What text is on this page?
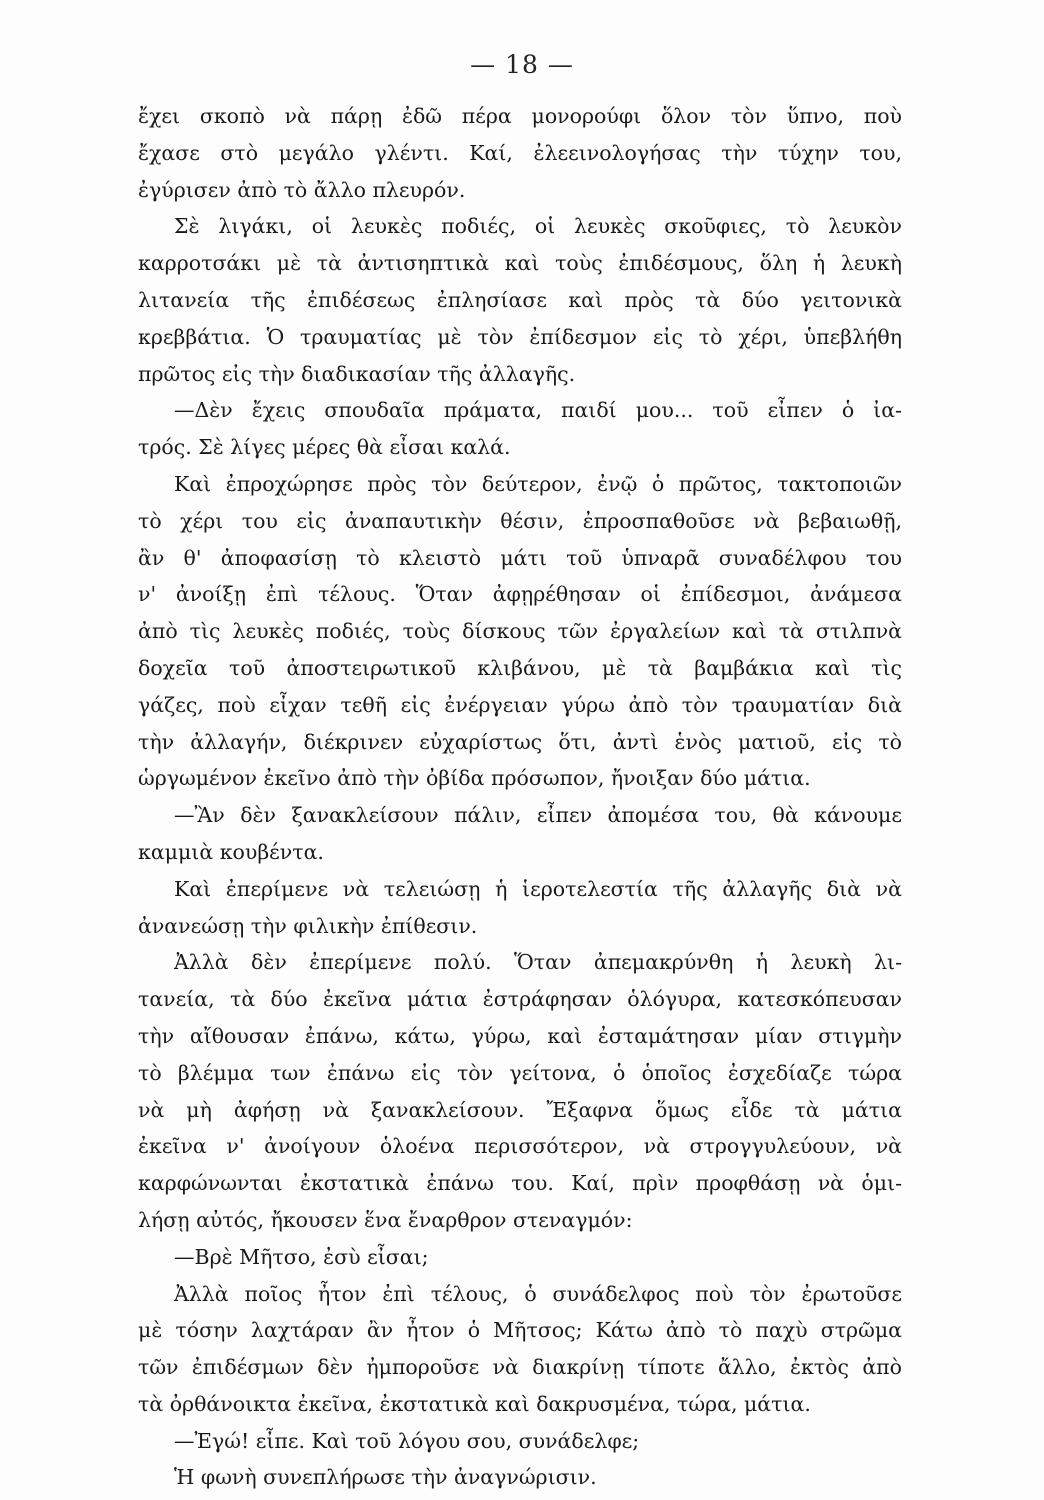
— 18 —
ἔχει σκοπὸ νὰ πάρῃ ἐδῶ πέρα μονορούφι ὅλον τὸν ὕπνο, ποὺ
ἔχασε στὸ μεγάλο γλέντι. Καί, ἐλεεινολογήσας τὴν τύχην του,
ἐγύρισεν ἀπὸ τὸ ἄλλο πλευρόν.
Σὲ λιγάκι, οἱ λευκὲς ποδιές, οἱ λευκὲς σκοῦφιες, τὸ λευκὸν
καρροτσάκι μὲ τὰ ἀντισηπτικὰ καὶ τοὺς ἐπιδέσμους, ὅλη ἡ λευκὴ
λιτανεία τῆς ἐπιδέσεως ἐπλησίασε καὶ πρὸς τὰ δύο γειτονικὰ
κρεββάτια. Ὁ τραυματίας μὲ τὸν ἐπίδεσμον εἰς τὸ χέρι, ὑπεβλήθη
πρῶτος εἰς τὴν διαδικασίαν τῆς ἀλλαγῆς.
—Δὲν ἔχεις σπουδαῖα πράματα, παιδί μου... τοῦ εἶπεν ὁ ἰα-
τρός. Σὲ λίγες μέρες θὰ εἶσαι καλά.
Καὶ ἐπροχώρησε πρὸς τὸν δεύτερον, ἐνῷ ὁ πρῶτος, τακτοποιῶν
τὸ χέρι του εἰς ἀναπαυτικὴν θέσιν, ἐπροσπαθοῦσε νὰ βεβαιωθῇ,
ἂν θ' ἀποφασίσῃ τὸ κλειστὸ μάτι τοῦ ὑπναρᾶ συναδέλφου του
ν' ἀνοίξῃ ἐπὶ τέλους. Ὅταν ἀφῃρέθησαν οἱ ἐπίδεσμοι, ἀνάμεσα
ἀπὸ τὶς λευκὲς ποδιές, τοὺς δίσκους τῶν ἐργαλείων καὶ τὰ στιλπνὰ
δοχεῖα τοῦ ἀποστειρωτικοῦ κλιβάνου, μὲ τὰ βαμβάκια καὶ τὶς
γάζες, ποὺ εἶχαν τεθῆ εἰς ἐνέργειαν γύρω ἀπὸ τὸν τραυματίαν διὰ
τὴν ἀλλαγήν, διέκρινεν εὐχαρίστως ὅτι, ἀντὶ ἑνὸς ματιοῦ, εἰς τὸ
ὡργωμένον ἐκεῖνο ἀπὸ τὴν ὀβίδα πρόσωπον, ἤνοιξαν δύο μάτια.
—Ἂν δὲν ξανακλείσουν πάλιν, εἶπεν ἀπομέσα του, θὰ κάνουμε
καμμιὰ κουβέντα.
Καὶ ἐπερίμενε νὰ τελειώσῃ ἡ ἱεροτελεστία τῆς ἀλλαγῆς διὰ νὰ
ἀνανεώσῃ τὴν φιλικὴν ἐπίθεσιν.
Ἀλλὰ δὲν ἐπερίμενε πολύ. Ὅταν ἀπεμακρύνθη ἡ λευκὴ λι-
τανεία, τὰ δύο ἐκεῖνα μάτια ἐστράφησαν ὁλόγυρα, κατεσκόπευσαν
τὴν αἴθουσαν ἐπάνω, κάτω, γύρω, καὶ ἐσταμάτησαν μίαν στιγμὴν
τὸ βλέμμα των ἐπάνω εἰς τὸν γείτονα, ὁ ὁποῖος ἐσχεδίαζε τώρα
νὰ μὴ ἀφήσῃ νὰ ξανακλείσουν. Ἔξαφνα ὅμως εἶδε τὰ μάτια
ἐκεῖνα ν' ἀνοίγουν ὁλοένα περισσότερον, νὰ στρογγυλεύουν, νὰ
καρφώνωνται ἐκστατικὰ ἐπάνω του. Καί, πρὶν προφθάσῃ νὰ ὁμι-
λήσῃ αὐτός, ἤκουσεν ἕνα ἔναρθρον στεναγμόν:
—Βρὲ Μῆτσο, ἐσὺ εἶσαι;
Ἀλλὰ ποῖος ἦτον ἐπὶ τέλους, ὁ συνάδελφος ποὺ τὸν ἐρωτοῦσε
μὲ τόσην λαχτάραν ἂν ἦτον ὁ Μῆτσος; Κάτω ἀπὸ τὸ παχὺ στρῶμα
τῶν ἐπιδέσμων δὲν ἠμποροῦσε νὰ διακρίνῃ τίποτε ἄλλο, ἐκτὸς ἀπὸ
τὰ ὀρθάνοικτα ἐκεῖνα, ἐκστατικὰ καὶ δακρυσμένα, τώρα, μάτια.
—Ἐγώ! εἶπε. Καὶ τοῦ λόγου σου, συνάδελφε;
Ἡ φωνὴ συνεπλήρωσε τὴν ἀναγνώρισιν.
